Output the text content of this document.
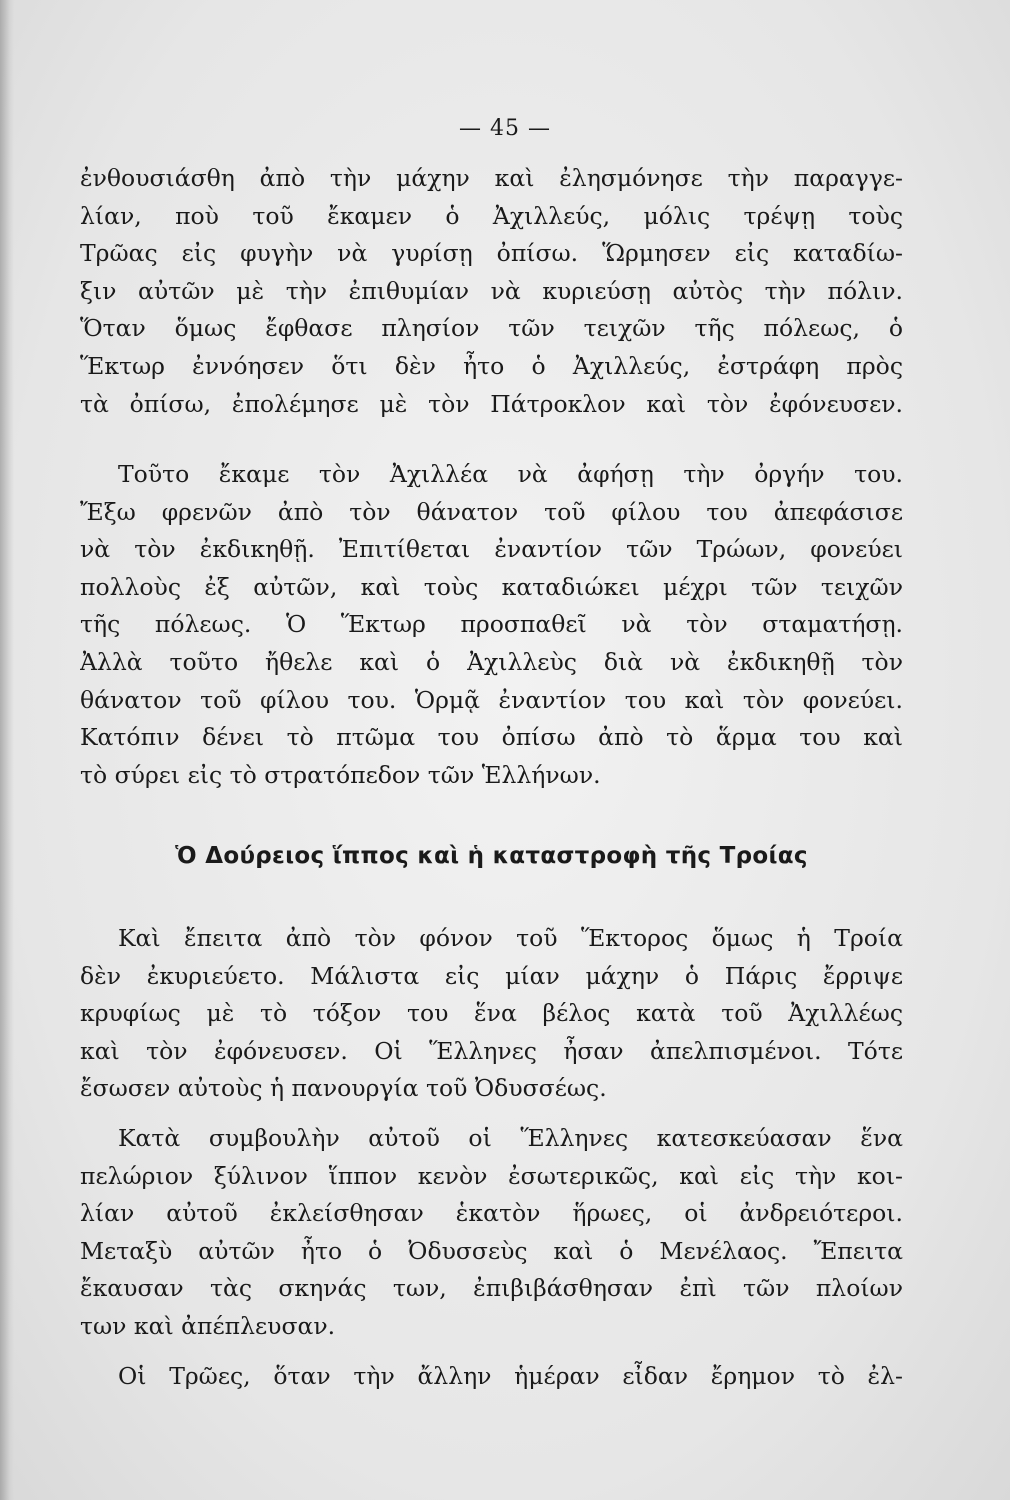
— 45 —
ἐνθουσιάσθη ἀπὸ τὴν μάχην καὶ ἐλησμόνησε τὴν παραγγε-
λίαν, ποὺ τοῦ ἔκαμεν ὁ Ἀχιλλεύς, μόλις τρέψῃ τοὺς
Τρῶας εἰς φυγὴν νὰ γυρίσῃ ὀπίσω. Ὥρμησεν εἰς καταδίω-
ξιν αὐτῶν μὲ τὴν ἐπιθυμίαν νὰ κυριεύσῃ αὐτὸς τὴν πόλιν.
Ὅταν ὅμως ἔφθασε πλησίον τῶν τειχῶν τῆς πόλεως, ὁ
Ἕκτωρ ἐννόησεν ὅτι δὲν ἦτο ὁ Ἀχιλλεύς, ἐστράφη πρὸς
τὰ ὀπίσω, ἐπολέμησε μὲ τὸν Πάτροκλον καὶ τὸν ἐφόνευσεν.
Τοῦτο ἔκαμε τὸν Ἀχιλλέα νὰ ἀφήσῃ τὴν ὀργήν του.
Ἔξω φρενῶν ἀπὸ τὸν θάνατον τοῦ φίλου του ἀπεφάσισε
νὰ τὸν ἐκδικηθῇ. Ἐπιτίθεται ἐναντίον τῶν Τρώων, φονεύει
πολλοὺς ἐξ αὐτῶν, καὶ τοὺς καταδιώκει μέχρι τῶν τειχῶν
τῆς πόλεως. Ὁ Ἕκτωρ προσπαθεῖ νὰ τὸν σταματήσῃ.
Ἀλλὰ τοῦτο ἤθελε καὶ ὁ Ἀχιλλεὺς διὰ νὰ ἐκδικηθῇ τὸν
θάνατον τοῦ φίλου του. Ὁρμᾷ ἐναντίον του καὶ τὸν φονεύει.
Κατόπιν δένει τὸ πτῶμα του ὀπίσω ἀπὸ τὸ ἅρμα του καὶ
τὸ σύρει εἰς τὸ στρατόπεδον τῶν Ἑλλήνων.
Ὁ Δούρειος ἵππος καὶ ἡ καταστροφὴ τῆς Τροίας
Καὶ ἔπειτα ἀπὸ τὸν φόνον τοῦ Ἕκτορος ὅμως ἡ Τροία
δὲν ἐκυριεύετο. Μάλιστα εἰς μίαν μάχην ὁ Πάρις ἔρριψε
κρυφίως μὲ τὸ τόξον του ἕνα βέλος κατὰ τοῦ Ἀχιλλέως
καὶ τὸν ἐφόνευσεν. Οἱ Ἕλληνες ἦσαν ἀπελπισμένοι. Τότε
ἔσωσεν αὐτοὺς ἡ πανουργία τοῦ Ὀδυσσέως.
Κατὰ συμβουλὴν αὐτοῦ οἱ Ἕλληνες κατεσκεύασαν ἕνα
πελώριον ξύλινον ἵππον κενὸν ἐσωτερικῶς, καὶ εἰς τὴν κοι-
λίαν αὐτοῦ ἐκλείσθησαν ἑκατὸν ἥρωες, οἱ ἀνδρειότεροι.
Μεταξὺ αὐτῶν ἦτο ὁ Ὀδυσσεὺς καὶ ὁ Μενέλαος. Ἔπειτα
ἔκαυσαν τὰς σκηνάς των, ἐπιβιβάσθησαν ἐπὶ τῶν πλοίων
των καὶ ἀπέπλευσαν.
Οἱ Τρῶες, ὅταν τὴν ἄλλην ἡμέραν εἶδαν ἔρημον τὸ ἐλ-
